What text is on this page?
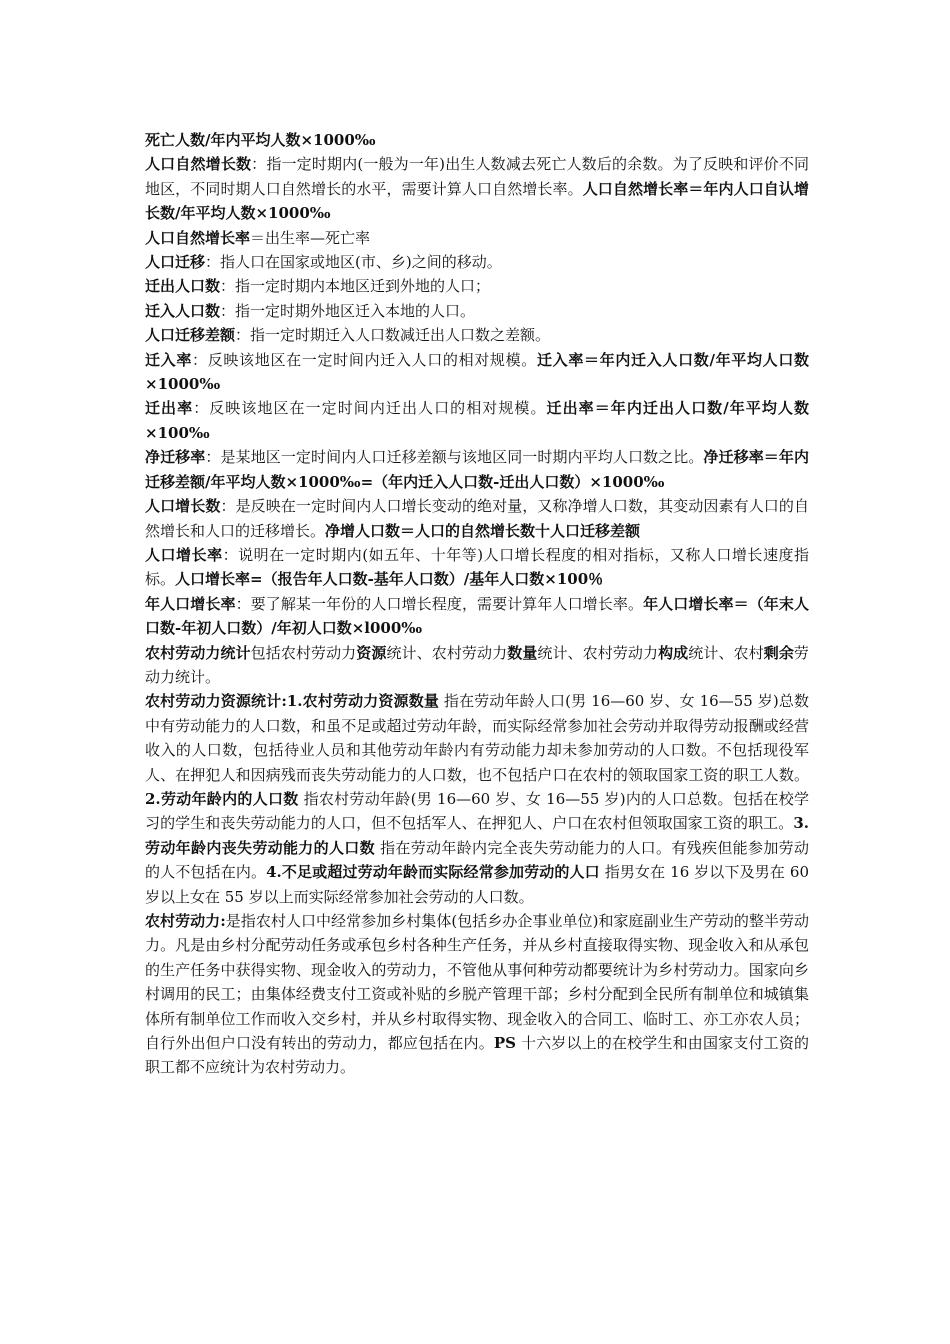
死亡人数/年内平均人数×1000‰

人口自然增长数：指一定时期内(一般为一年)出生人数减去死亡人数后的余数。为了反映和评价不同地区，不同时期人口自然增长的水平，需要计算人口自然增长率。人口自然增长率＝年内人口自认增长数/年平均人数×1000‰

人口自然增长率＝出生率—死亡率

人口迁移：指人口在国家或地区(市、乡)之间的移动。

迁出人口数：指一定时期内本地区迁到外地的人口；

迁入人口数：指一定时期外地区迁入本地的人口。

人口迁移差额：指一定时期迁入人口数减迁出人口数之差额。

迁入率：反映该地区在一定时间内迁入人口的相对规模。迁入率＝年内迁入人口数/年平均人口数×1000‰

迁出率：反映该地区在一定时间内迁出人口的相对规模。迁出率＝年内迁出人口数/年平均人数×100‰

净迁移率：是某地区一定时间内人口迁移差额与该地区同一时期内平均人口数之比。净迁移率＝年内迁移差额/年平均人数×1000‰=（年内迁入人口数-迁出人口数）×1000‰

人口增长数：是反映在一定时间内人口增长变动的绝对量，又称净增人口数，其变动因素有人口的自然增长和人口的迁移增长。净增人口数＝人口的自然增长数十人口迁移差额

人口增长率：说明在一定时期内(如五年、十年等)人口增长程度的相对指标，又称人口增长速度指标。人口增长率=（报告年人口数-基年人口数）/基年人口数×100％

年人口增长率：要了解某一年份的人口增长程度，需要计算年人口增长率。年人口增长率＝（年末人口数-年初人口数）/年初人口数×l000‰

农村劳动力统计包括农村劳动力资源统计、农村劳动力数量统计、农村劳动力构成统计、农村剩余劳动力统计。

农村劳动力资源统计:1.农村劳动力资源数量 指在劳动年龄人口(男 16—60 岁、女 16—55 岁)总数中有劳动能力的人口数，和虽不足或超过劳动年龄，而实际经常参加社会劳动并取得劳动报酬或经营收入的人口数，包括待业人员和其他劳动年龄内有劳动能力却未参加劳动的人口数。不包括现役军人、在押犯人和因病残而丧失劳动能力的人口数，也不包括户口在农村的领取国家工资的职工人数。2.劳动年龄内的人口数 指农村劳动年龄(男 16—60 岁、女 16—55 岁)内的人口总数。包括在校学习的学生和丧失劳动能力的人口，但不包括军人、在押犯人、户口在农村但领取国家工资的职工。3.劳动年龄内丧失劳动能力的人口数 指在劳动年龄内完全丧失劳动能力的人口。有残疾但能参加劳动的人不包括在内。4.不足或超过劳动年龄而实际经常参加劳动的人口 指男女在 16 岁以下及男在 60 岁以上女在 55 岁以上而实际经常参加社会劳动的人口数。

农村劳动力:是指农村人口中经常参加乡村集体(包括乡办企事业单位)和家庭副业生产劳动的整半劳动力。凡是由乡村分配劳动任务或承包乡村各种生产任务，并从乡村直接取得实物、现金收入和从承包的生产任务中获得实物、现金收入的劳动力，不管他从事何种劳动都要统计为乡村劳动力。国家向乡村调用的民工；由集体经费支付工资或补贴的乡脱产管理干部；乡村分配到全民所有制单位和城镇集体所有制单位工作而收入交乡村，并从乡村取得实物、现金收入的合同工、临时工、亦工亦农人员；自行外出但户口没有转出的劳动力，都应包括在内。PS 十六岁以上的在校学生和由国家支付工资的职工都不应统计为农村劳动力。
